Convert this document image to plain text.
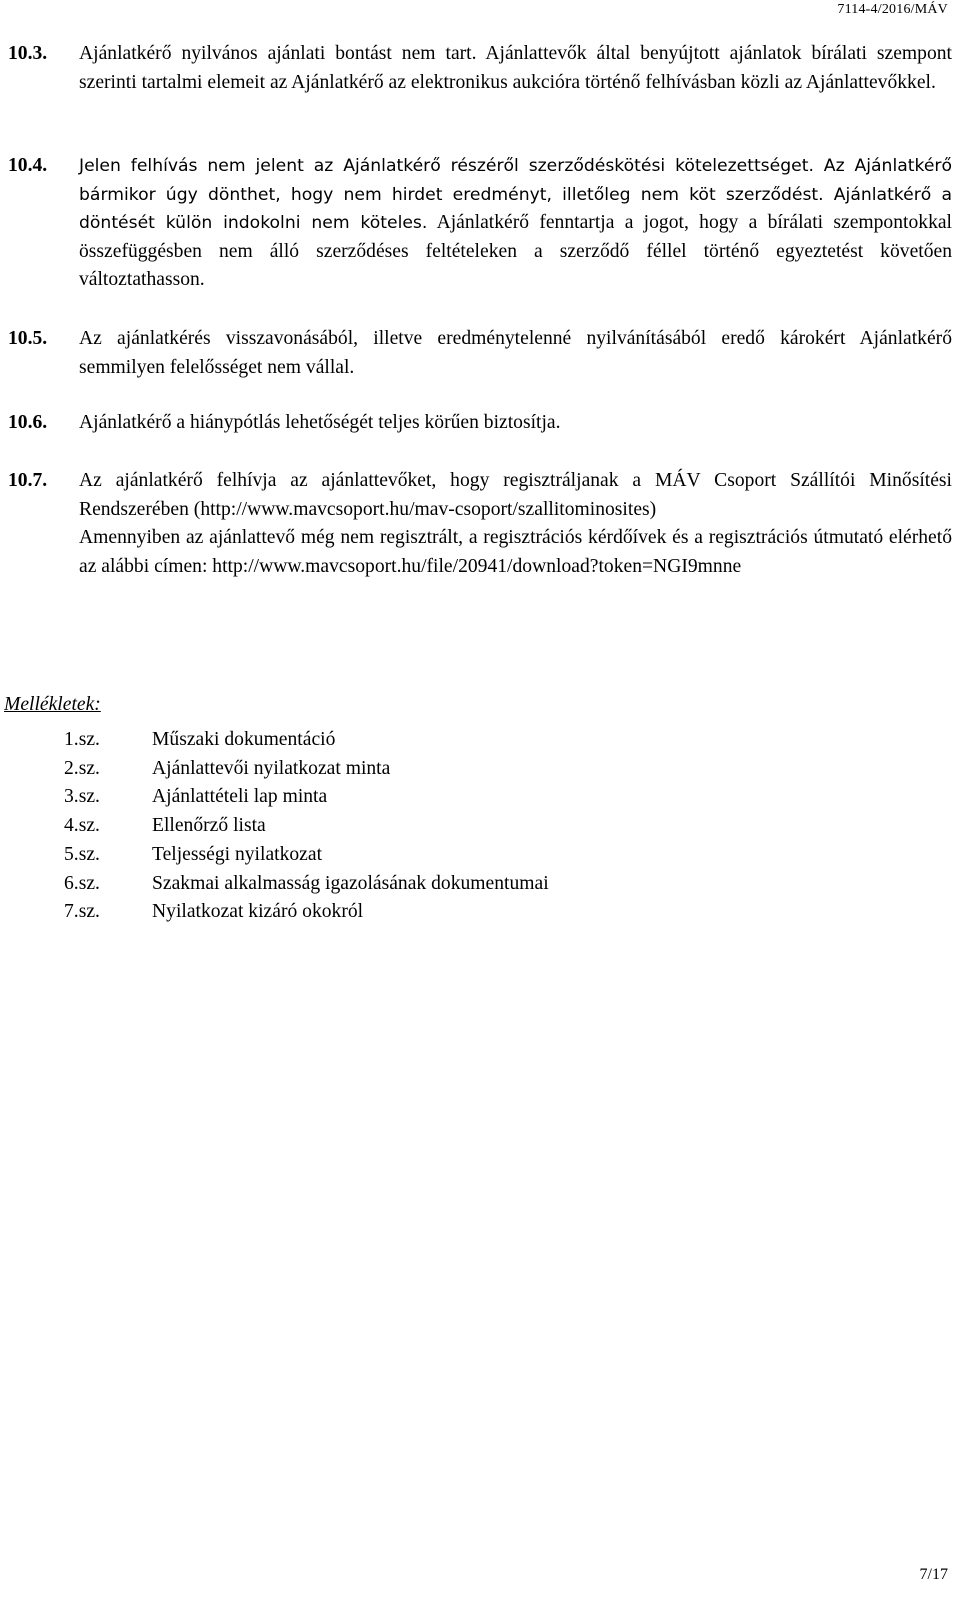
7114-4/2016/MÁV
10.3.	Ajánlatkérő nyilvános ajánlati bontást nem tart. Ajánlattevők által benyújtott ajánlatok bírálati szempont szerinti tartalmi elemeit az Ajánlatkérő az elektronikus aukcióra történő felhívásban közli az Ajánlattevőkkel.

10.4.	Jelen felhívás nem jelent az Ajánlatkérő részéről szerződéskötési kötelezettséget. Az Ajánlatkérő bármikor úgy dönthet, hogy nem hirdet eredményt, illetőleg nem köt szerződést. Ajánlatkérő a döntését külön indokolni nem köteles. Ajánlatkérő fenntartja a jogot, hogy a bírálati szempontokkal összefüggésben nem álló szerződéses feltételeken a szerződő féllel történő egyeztetést követően változtathasson.

10.5.	Az ajánlatkérés visszavonásából, illetve eredménytelenné nyilvánításából eredő károkért Ajánlatkérő semmilyen felelősséget nem vállal.

10.6.	Ajánlatkérő a hiánypótlás lehetőségét teljes körűen biztosítja.

10.7.	Az ajánlatkérő felhívja az ajánlattevőket, hogy regisztráljanak a MÁV Csoport Szállítói Minősítési Rendszerében (http://www.mavcsoport.hu/mav-csoport/szallitominosites)

Amennyiben az ajánlattevő még nem regisztrált, a regisztrációs kérdőívek és a regisztrációs útmutató elérhető az alábbi címen: http://www.mavcsoport.hu/file/20941/download?token=NGI9mnne

Mellékletek:
1.sz.	Műszaki dokumentáció
2.sz.	Ajánlattevői nyilatkozat minta
3.sz.	Ajánlattételi lap minta
4.sz.	Ellenőrző lista
5.sz.	Teljességi nyilatkozat
6.sz.	Szakmai alkalmasság igazolásának dokumentumai
7.sz.	Nyilatkozat kizáró okokról
7/17
